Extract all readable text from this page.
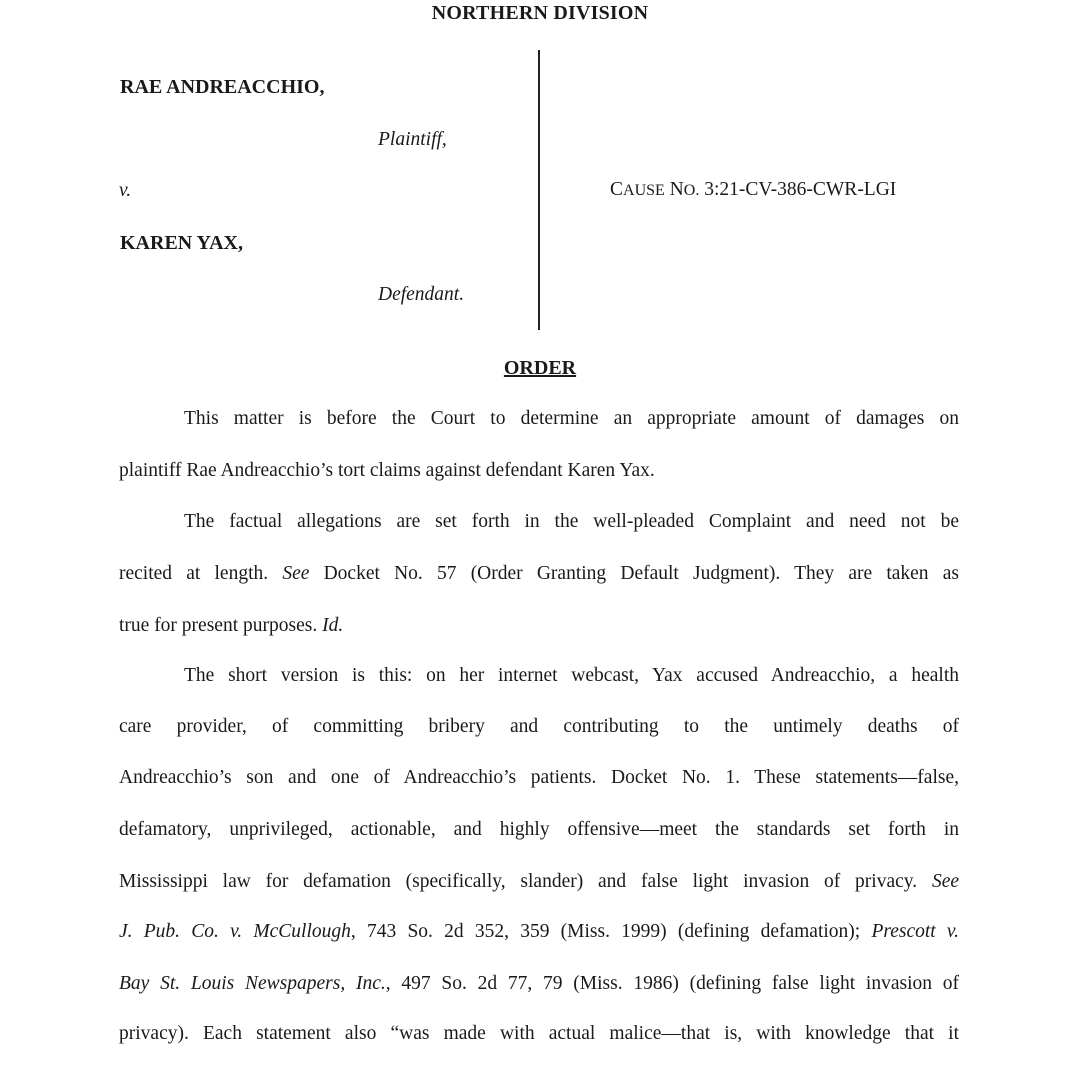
NORTHERN DIVISION
RAE ANDREACCHIO,
Plaintiff,
v.
KAREN YAX,
Defendant.
CAUSE NO. 3:21-CV-386-CWR-LGI
ORDER
This matter is before the Court to determine an appropriate amount of damages on
plaintiff Rae Andreacchio’s tort claims against defendant Karen Yax.
The factual allegations are set forth in the well-pleaded Complaint and need not be
recited at length. See Docket No. 57 (Order Granting Default Judgment). They are taken as
true for present purposes. Id.
The short version is this: on her internet webcast, Yax accused Andreacchio, a health
care provider, of committing bribery and contributing to the untimely deaths of
Andreacchio’s son and one of Andreacchio’s patients. Docket No. 1. These statements—false,
defamatory, unprivileged, actionable, and highly offensive—meet the standards set forth in
Mississippi law for defamation (specifically, slander) and false light invasion of privacy. See
J. Pub. Co. v. McCullough, 743 So. 2d 352, 359 (Miss. 1999) (defining defamation); Prescott v.
Bay St. Louis Newspapers, Inc., 497 So. 2d 77, 79 (Miss. 1986) (defining false light invasion of
privacy). Each statement also “was made with actual malice—that is, with knowledge that it
